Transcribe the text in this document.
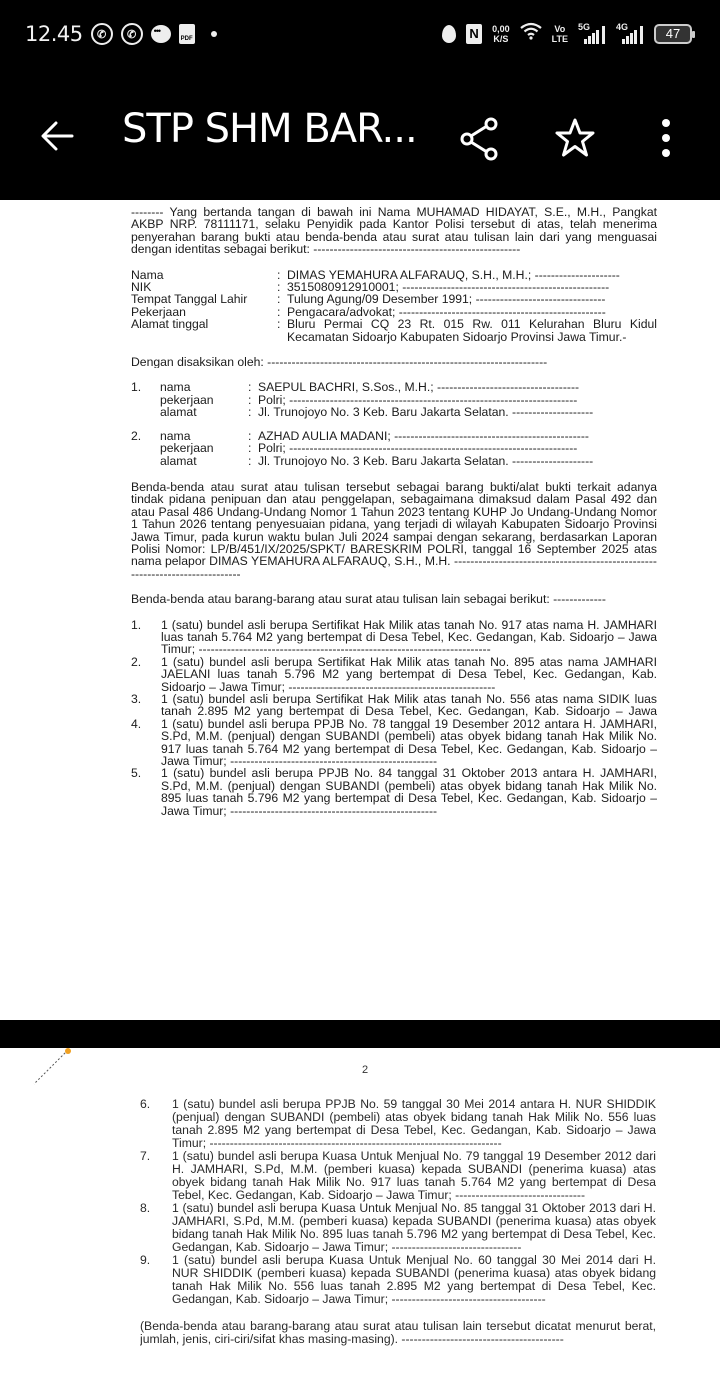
12.45	✆	✆ •••	PDF	N	0,00
K/S
Vo
LTE
5G	4G	47
STP SHM BAR...

-------- Yang bertanda tangan di bawah ini Nama MUHAMAD HIDAYAT, S.E., M.H., Pangkat AKBP NRP. 78111171, selaku Penyidik pada Kantor Polisi tersebut di atas, telah menerima penyerahan barang bukti atau benda-benda atau surat atau tulisan lain dari yang menguasai dengan identitas sebagai berikut: ---------------------------------------------------

Nama	: DIMAS YEMAHURA ALFARAUQ, S.H., M.H.; ---------------------
NIK	: 3515080912910001; ---------------------------------------------------
Tempat Tanggal Lahir	: Tulung Agung/09 Desember 1991; --------------------------------
Pekerjaan	: Pengacara/advokat; ---------------------------------------------------
Alamat tinggal	: Bluru Permai CQ 23 Rt. 015 Rw. 011 Kelurahan Bluru Kidul Kecamatan Sidoarjo Kabupaten Sidoarjo Provinsi Jawa Timur.-

Dengan disaksikan oleh: ---------------------------------------------------------------------

1.	nama	: SAEPUL BACHRI, S.Sos., M.H.; -----------------------------------
pekerjaan	: Polri; -----------------------------------------------------------------------
alamat	: Jl. Trunojoyo No. 3 Keb. Baru Jakarta Selatan. --------------------
2.	nama	: AZHAD AULIA MADANI; ------------------------------------------------
pekerjaan	: Polri; -----------------------------------------------------------------------
alamat	: Jl. Trunojoyo No. 3 Keb. Baru Jakarta Selatan. --------------------

Benda-benda atau surat atau tulisan tersebut sebagai barang bukti/alat bukti terkait adanya tindak pidana penipuan dan atau penggelapan, sebagaimana dimaksud dalam Pasal 492 dan atau Pasal 486 Undang-Undang Nomor 1 Tahun 2023 tentang KUHP Jo Undang-Undang Nomor 1 Tahun 2026 tentang penyesuaian pidana, yang terjadi di wilayah Kabupaten Sidoarjo Provinsi Jawa Timur, pada kurun waktu bulan Juli 2024 sampai dengan sekarang, berdasarkan Laporan Polisi Nomor: LP/B/451/IX/2025/SPKT/ BARESKRIM POLRI, tanggal 16 September 2025 atas nama pelapor DIMAS YEMAHURA ALFARAUQ, S.H., M.H. -----------------------------------------------------------------------------

Benda-benda atau barang-barang atau surat atau tulisan lain sebagai berikut: -------------

1.	1 (satu) bundel asli berupa Sertifikat Hak Milik atas tanah No. 917 atas nama H. JAMHARI luas tanah 5.764 M2 yang bertempat di Desa Tebel, Kec. Gedangan, Kab. Sidoarjo – Jawa Timur; ------------------------------------------------------------------------
2.	1 (satu) bundel asli berupa Sertifikat Hak Milik atas tanah No. 895 atas nama JAMHARI JAELANI luas tanah 5.796 M2 yang bertempat di Desa Tebel, Kec. Gedangan, Kab. Sidoarjo – Jawa Timur; ---------------------------------------------------
3.	1 (satu) bundel asli berupa Sertifikat Hak Milik atas tanah No. 556 atas nama SIDIK luas tanah 2.895 M2 yang bertempat di Desa Tebel, Kec. Gedangan, Kab. Sidoarjo – Jawa
4.	1 (satu) bundel asli berupa PPJB No. 78 tanggal 19 Desember 2012 antara H. JAMHARI, S.Pd, M.M. (penjual) dengan SUBANDI (pembeli) atas obyek bidang tanah Hak Milik No. 917 luas tanah 5.764 M2 yang bertempat di Desa Tebel, Kec. Gedangan, Kab. Sidoarjo – Jawa Timur; ---------------------------------------------------
5.	1 (satu) bundel asli berupa PPJB No. 84 tanggal 31 Oktober 2013 antara H. JAMHARI, S.Pd, M.M. (penjual) dengan SUBANDI (pembeli) atas obyek bidang tanah Hak Milik No. 895 luas tanah 5.796 M2 yang bertempat di Desa Tebel, Kec. Gedangan, Kab. Sidoarjo – Jawa Timur; ---------------------------------------------------
2
6.	1 (satu) bundel asli berupa PPJB No. 59 tanggal 30 Mei 2014 antara H. NUR SHIDDIK (penjual) dengan SUBANDI (pembeli) atas obyek bidang tanah Hak Milik No. 556 luas tanah 2.895 M2 yang bertempat di Desa Tebel, Kec. Gedangan, Kab. Sidoarjo – Jawa Timur; ------------------------------------------------------------------------
7.	1 (satu) bundel asli berupa Kuasa Untuk Menjual No. 79 tanggal 19 Desember 2012 dari H. JAMHARI, S.Pd, M.M. (pemberi kuasa) kepada SUBANDI (penerima kuasa) atas obyek bidang tanah Hak Milik No. 917 luas tanah 5.764 M2 yang bertempat di Desa Tebel, Kec. Gedangan, Kab. Sidoarjo – Jawa Timur; --------------------------------
8.	1 (satu) bundel asli berupa Kuasa Untuk Menjual No. 85 tanggal 31 Oktober 2013 dari H. JAMHARI, S.Pd, M.M. (pemberi kuasa) kepada SUBANDI (penerima kuasa) atas obyek bidang tanah Hak Milik No. 895 luas tanah 5.796 M2 yang bertempat di Desa Tebel, Kec. Gedangan, Kab. Sidoarjo – Jawa Timur; --------------------------------
9.	1 (satu) bundel asli berupa Kuasa Untuk Menjual No. 60 tanggal 30 Mei 2014 dari H. NUR SHIDDIK (pemberi kuasa) kepada SUBANDI (penerima kuasa) atas obyek bidang tanah Hak Milik No. 556 luas tanah 2.895 M2 yang bertempat di Desa Tebel, Kec. Gedangan, Kab. Sidoarjo – Jawa Timur; --------------------------------------

(Benda-benda atau barang-barang atau surat atau tulisan lain tersebut dicatat menurut berat, jumlah, jenis, ciri-ciri/sifat khas masing-masing). ----------------------------------------
